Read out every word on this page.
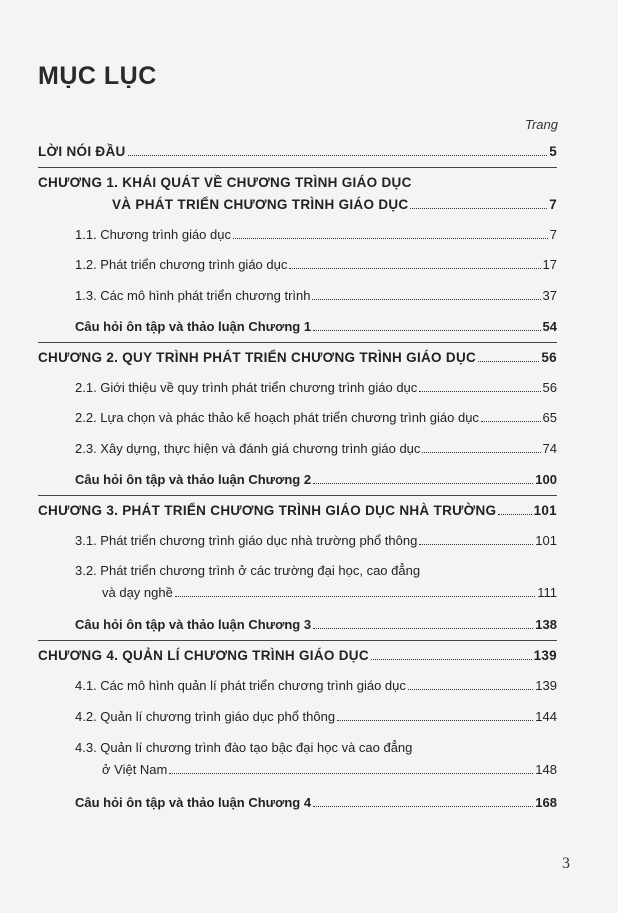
MỤC LỤC
Trang
LỜI NÓI ĐẦU	5
CHƯƠNG 1. KHÁI QUÁT VỀ CHƯƠNG TRÌNH GIÁO DỤC
VÀ PHÁT TRIỂN CHƯƠNG TRÌNH GIÁO DỤC	7
1.1. Chương trình giáo dục	7
1.2. Phát triển chương trình giáo dục	17
1.3. Các mô hình phát triển chương trình	37
Câu hỏi ôn tập và thảo luận Chương 1	54
CHƯƠNG 2. QUY TRÌNH PHÁT TRIỂN CHƯƠNG TRÌNH GIÁO DỤC	56
2.1. Giới thiệu về quy trình phát triển chương trình giáo dục	56
2.2. Lựa chọn và phác thảo kế hoạch phát triển chương trình giáo dục	65
2.3. Xây dựng, thực hiện và đánh giá chương trình giáo dục	74
Câu hỏi ôn tập và thảo luận Chương 2	100
CHƯƠNG 3. PHÁT TRIỂN CHƯƠNG TRÌNH GIÁO DỤC NHÀ TRƯỜNG	101
3.1. Phát triển chương trình giáo dục nhà trường phổ thông	101
3.2. Phát triển chương trình ở các trường đại học, cao đẳng
và dạy nghề	111
Câu hỏi ôn tập và thảo luận Chương 3	138
CHƯƠNG 4. QUẢN LÍ CHƯƠNG TRÌNH GIÁO DỤC	139
4.1. Các mô hình quản lí phát triển chương trình giáo dục	139
4.2. Quản lí chương trình giáo dục phổ thông	144
4.3. Quản lí chương trình đào tạo bậc đại học và cao đẳng
ở Việt Nam	148
Câu hỏi ôn tập và thảo luận Chương 4	168
3
